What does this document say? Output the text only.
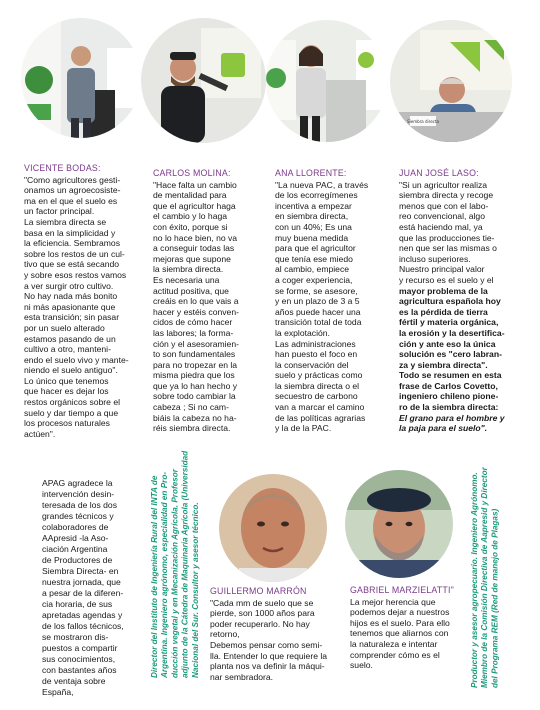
Siembra directa
VICENTE BODAS:
"Como agricultores gesti-
onamos un agroecosiste-
ma en el que el suelo es
un factor principal.
La siembra directa se
basa en la simplicidad y
la eficiencia. Sembramos
sobre los restos de un cul-
tivo que se está secando
y sobre esos restos vamos
a ver surgir otro cultivo.
No hay nada más bonito
ni más apasionante que
esta transición; sin pasar
por un suelo alterado
estamos pasando de un
cultivo a otro, manteni-
endo el suelo vivo y mante-
niendo el suelo antiguo".
Lo único que tenemos
que hacer es dejar los
restos orgánicos sobre el
suelo y dar tiempo a que
los procesos naturales
actúen".
CARLOS MOLINA:
"Hace falta un cambio
de mentalidad para
que el agricultor haga
el cambio y lo haga
con éxito, porque si
no lo hace bien, no va
a conseguir todas las
mejoras que supone
la siembra directa.
Es necesaria una
actitud positiva, que
creáis en lo que vais a
hacer y estéis conven-
cidos de cómo hacer
las labores; la forma-
ción y el asesoramien-
to son fundamentales
para no tropezar en la
misma piedra que los
que ya lo han hecho y
sobre todo cambiar la
cabeza ; Si no cam-
biáis la cabeza no ha-
réis siembra directa.
ANA LLORENTE:
"La nueva PAC, a través
de los ecorregímenes
incentiva a empezar
en siembra directa,
con un 40%; Es una
muy buena medida
para que el agricultor
que tenía ese miedo
al cambio, empiece
a coger experiencia,
se forme, se asesore,
y en un plazo de 3 a 5
años puede hacer una
transición total de toda
la explotación.
Las administraciones
han puesto el foco en
la conservación del
suelo y prácticas como
la siembra directa o el
secuestro de carbono
van a marcar el camino
de las políticas agrarias
y la de la PAC.
JUAN JOSÉ LASO:
"Si un agricultor realiza
siembra directa y recoge
menos que con el labo-
reo convencional, algo
está haciendo mal, ya
que las producciones tie-
nen que ser las mismas o
incluso superiores.
Nuestro principal valor
y recurso es el suelo y el
mayor problema de la
agricultura española hoy
es la pérdida de tierra
fértil y materia orgánica,
la erosión y la desertifica-
ción y ante eso la única
solución es "cero labran-
za y siembra directa".
Todo se resumen en esta
frase de Carlos Covetto,
ingeniero chileno pione-
ro de la siembra directa:
El grano para el hombre y
la paja para el suelo".
APAG agradece la
intervención desin-
teresada de los dos
grandes técnicos y
colaboradores de
AApresid -la Aso-
ciación Argentina
de Productores de
Siembra Directa- en
nuestra jornada, que
a pesar de la diferen-
cia horaria, de sus
apretadas agendas y
de los fallos técnicos,
se mostraron dis-
puestos a compartir
sus conocimientos,
con bastantes años
de ventaja sobre
España,
Director del Instituto de Ingeniería Rural del INTA de Argentina. Ingeniero agrónomo, especialidad en Pro- ducción vegetal y en Mecanización Agrícola. Profesor adjunto de la Cátedra de Maquinaria Agrícola (Universidad Nacional del Sur. Consultor y asesor técnico. GUILLERMO MARRÓN
"Cada mm de suelo que se
pierde, son 1000 años para
poder recuperarlo. No hay
retorno,
Debemos pensar como semi-
lla. Entender lo que requiere la
planta nos va definir la máqui-
nar sembradora.
GABRIEL MARZIELATTI"
La mejor herencia que
podemos dejar a nuestros
hijos es el suelo. Para ello
tenemos que aliarnos con
la naturaleza e intentar
comprender cómo es el
suelo.	Productor y asesor agropecuario. Ingeniero Agrónomo. Miembro de la Comisión Directiva de Aapresid y Director del Programa REM (Red de manejo de Plagas)
